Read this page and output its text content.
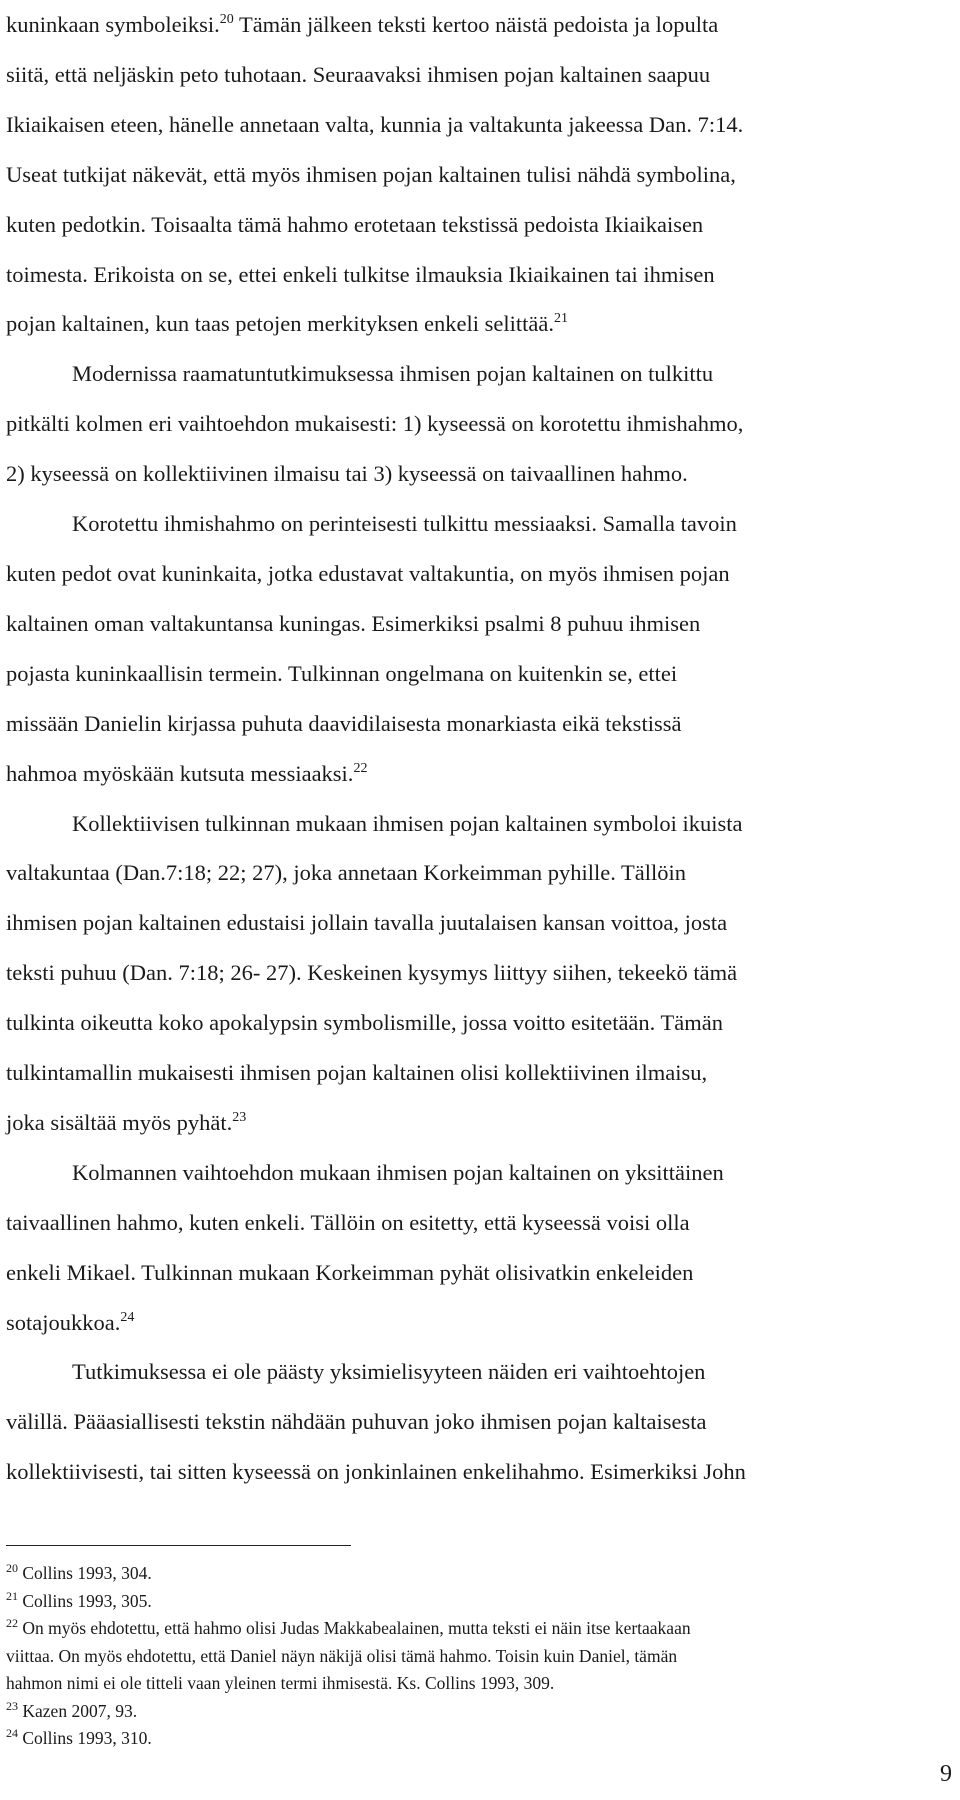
kuninkaan symboleiksi.$^{20}$ Tämän jälkeen teksti kertoo näistä pedoista ja lopulta
siitä, että neljäskin peto tuhotaan. Seuraavaksi ihmisen pojan kaltainen saapuu
Ikiaikaisen eteen, hänelle annetaan valta, kunnia ja valtakunta jakeessa Dan. 7:14.
Useat tutkijat näkevät, että myös ihmisen pojan kaltainen tulisi nähdä symbolina,
kuten pedotkin. Toisaalta tämä hahmo erotetaan tekstissä pedoista Ikiaikaisen
toimesta. Erikoista on se, ettei enkeli tulkitse ilmauksia Ikiaikainen tai ihmisen
pojan kaltainen, kun taas petojen merkityksen enkeli selittää.$^{21}$

Modernissa raamatuntutkimuksessa ihmisen pojan kaltainen on tulkittu
pitkälti kolmen eri vaihtoehdon mukaisesti: 1) kyseessä on korotettu ihmishahmo,
2) kyseessä on kollektiivinen ilmaisu tai 3) kyseessä on taivaallinen hahmo.

Korotettu ihmishahmo on perinteisesti tulkittu messiaaksi. Samalla tavoin
kuten pedot ovat kuninkaita, jotka edustavat valtakuntia, on myös ihmisen pojan
kaltainen oman valtakuntansa kuningas. Esimerkiksi psalmi 8 puhuu ihmisen
pojasta kuninkaallisin termein. Tulkinnan ongelmana on kuitenkin se, ettei
missään Danielin kirjassa puhuta daavidilaisesta monarkiasta eikä tekstissä
hahmoa myöskään kutsuta messiaaksi.$^{22}$

Kollektiivisen tulkinnan mukaan ihmisen pojan kaltainen symboloi ikuista
valtakuntaa (Dan.7:18; 22; 27), joka annetaan Korkeimman pyhille. Tällöin
ihmisen pojan kaltainen edustaisi jollain tavalla juutalaisen kansan voittoa, josta
teksti puhuu (Dan. 7:18; 26- 27). Keskeinen kysymys liittyy siihen, tekeekö tämä
tulkinta oikeutta koko apokalypsin symbolismille, jossa voitto esitetään. Tämän
tulkintamallin mukaisesti ihmisen pojan kaltainen olisi kollektiivinen ilmaisu,
joka sisältää myös pyhät.$^{23}$

Kolmannen vaihtoehdon mukaan ihmisen pojan kaltainen on yksittäinen
taivaallinen hahmo, kuten enkeli. Tällöin on esitetty, että kyseessä voisi olla
enkeli Mikael. Tulkinnan mukaan Korkeimman pyhät olisivatkin enkeleiden
sotajoukkoa.$^{24}$

Tutkimuksessa ei ole päästy yksimielisyyteen näiden eri vaihtoehtojen
välillä. Pääasiallisesti tekstin nähdään puhuvan joko ihmisen pojan kaltaisesta
kollektiivisesti, tai sitten kyseessä on jonkinlainen enkelihahmo. Esimerkiksi John

$^{20}$ Collins 1993, 304.

$^{21}$ Collins 1993, 305.

$^{22}$ On myös ehdotettu, että hahmo olisi Judas Makkabealainen, mutta teksti ei näin itse kertaakaan
viittaa. On myös ehdotettu, että Daniel näyn näkijä olisi tämä hahmo. Toisin kuin Daniel, tämän
hahmon nimi ei ole titteli vaan yleinen termi ihmisestä. Ks. Collins 1993, 309.

$^{23}$ Kazen 2007, 93.

$^{24}$ Collins 1993, 310.

9
